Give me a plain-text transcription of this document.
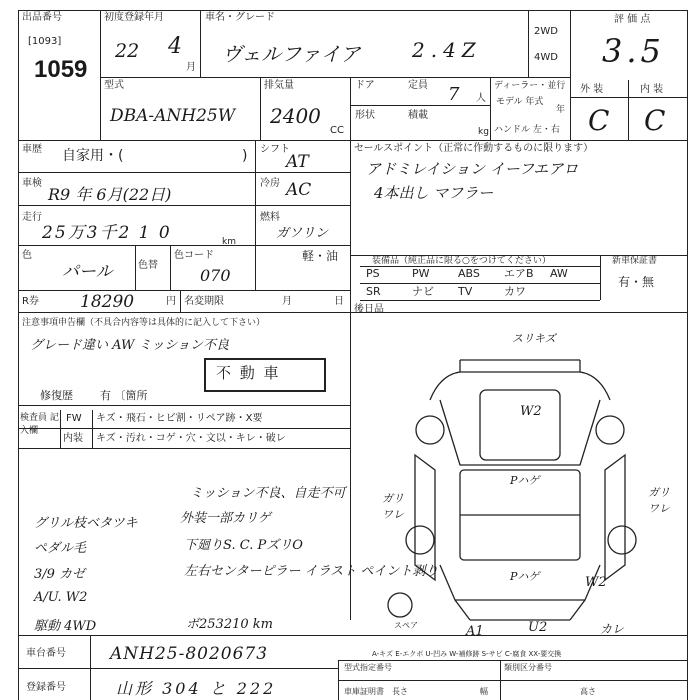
出品番号
[1093]
1059
初度登録年月
22 4
月
車名・グレード
ヴェルファイア	2.4Z
2WD
4WD
評 価 点
3.5
型式
DBA-ANH25W
排気量
2400
CC
ドア	定員 7 人
形状	積載
kg
ディーラー・並行
モデル 年式
年
ハンドル 左・右
外 装	内 装
C C
車歴 自家用・(	) シフト
AT
車検
R9 年 6月(22日)
冷房 AC
走行
25万3千2 1 0	km
燃料
ガソリン
軽・油
色
パール	色替
色コード
070
R券 18290	円 名変期限	月	日
セールスポイント（正常に作動するものに限ります）
アドミレイション イーフエアロ
4本出し マフラー
装備品（純正品に限る○をつけてください）	新車保証書
有・無
PS	PW	ABS エアB AW
SR	ナビ TV	カワ
後日品
注意事項申告欄（不具合内容等は具体的に記入して下さい）
グレード違い AW ミッション不良
不 動 車
修復歴 有 〔箇所
検査員 記入欄
FW キズ・飛石・ヒビ割・リペア跡・X要
内装 キズ・汚れ・コゲ・穴・文以・キレ・破レ
ミッション不良、自走不可
外装一部カリゲ
グリル枝ベタツキ
下廻りS. C. PズリO
ペダル毛
左右センターピラー イラスト ペイント剥り
3/9 カゼ
A/U. W2
駆動 4WD	ボ253210 km
スリキズ
W2
Pハゲ
Pハゲ
ガリ ワレ
ガリ ワレ
W2
スペア	A1	U2	カレ
A-キズ E-エクボ U-凹み W-補修跡 S-サビ C-腐食 XX-要交換
車台番号	ANH25-8020673
登録番号	山形 304 と 222
型式指定番号	類別区分番号
車庫証明書 長さ	幅	高さ
